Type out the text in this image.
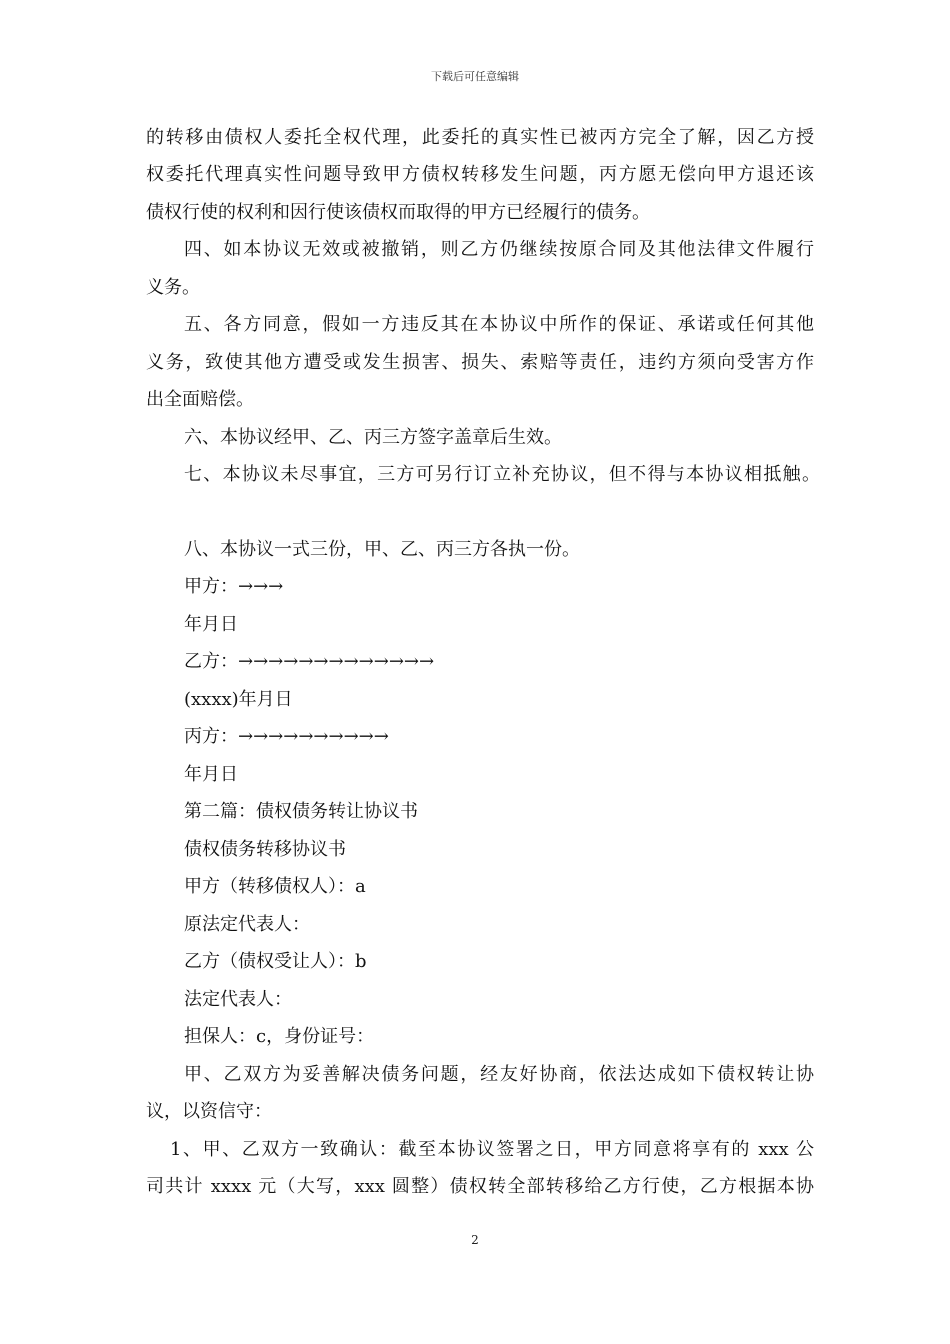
下载后可任意编辑
的转移由债权人委托全权代理，此委托的真实性已被丙方完全了解，因乙方授
权委托代理真实性问题导致甲方债权转移发生问题，丙方愿无偿向甲方退还该
债权行使的权利和因行使该债权而取得的甲方已经履行的债务。
四、如本协议无效或被撤销，则乙方仍继续按原合同及其他法律文件履行
义务。
五、各方同意，假如一方违反其在本协议中所作的保证、承诺或任何其他
义务，致使其他方遭受或发生损害、损失、索赔等责任，违约方须向受害方作
出全面赔偿。
六、本协议经甲、乙、丙三方签字盖章后生效。
七、本协议未尽事宜，三方可另行订立补充协议，但不得与本协议相抵触。
八、本协议一式三份，甲、乙、丙三方各执一份。
甲方：→→→
年月日
乙方：→→→→→→→→→→→→→
(xxxx)年月日
丙方：→→→→→→→→→→
年月日
第二篇：债权债务转让协议书
债权债务转移协议书
甲方（转移债权人）：a
原法定代表人：
乙方（债权受让人）：b
法定代表人：
担保人：c，身份证号：
甲、乙双方为妥善解决债务问题，经友好协商，依法达成如下债权转让协
议，以资信守：
1、甲、乙双方一致确认：截至本协议签署之日，甲方同意将享有的 xxx 公
司共计 xxxx 元（大写，xxx 圆整）债权转全部转移给乙方行使，乙方根据本协
2
